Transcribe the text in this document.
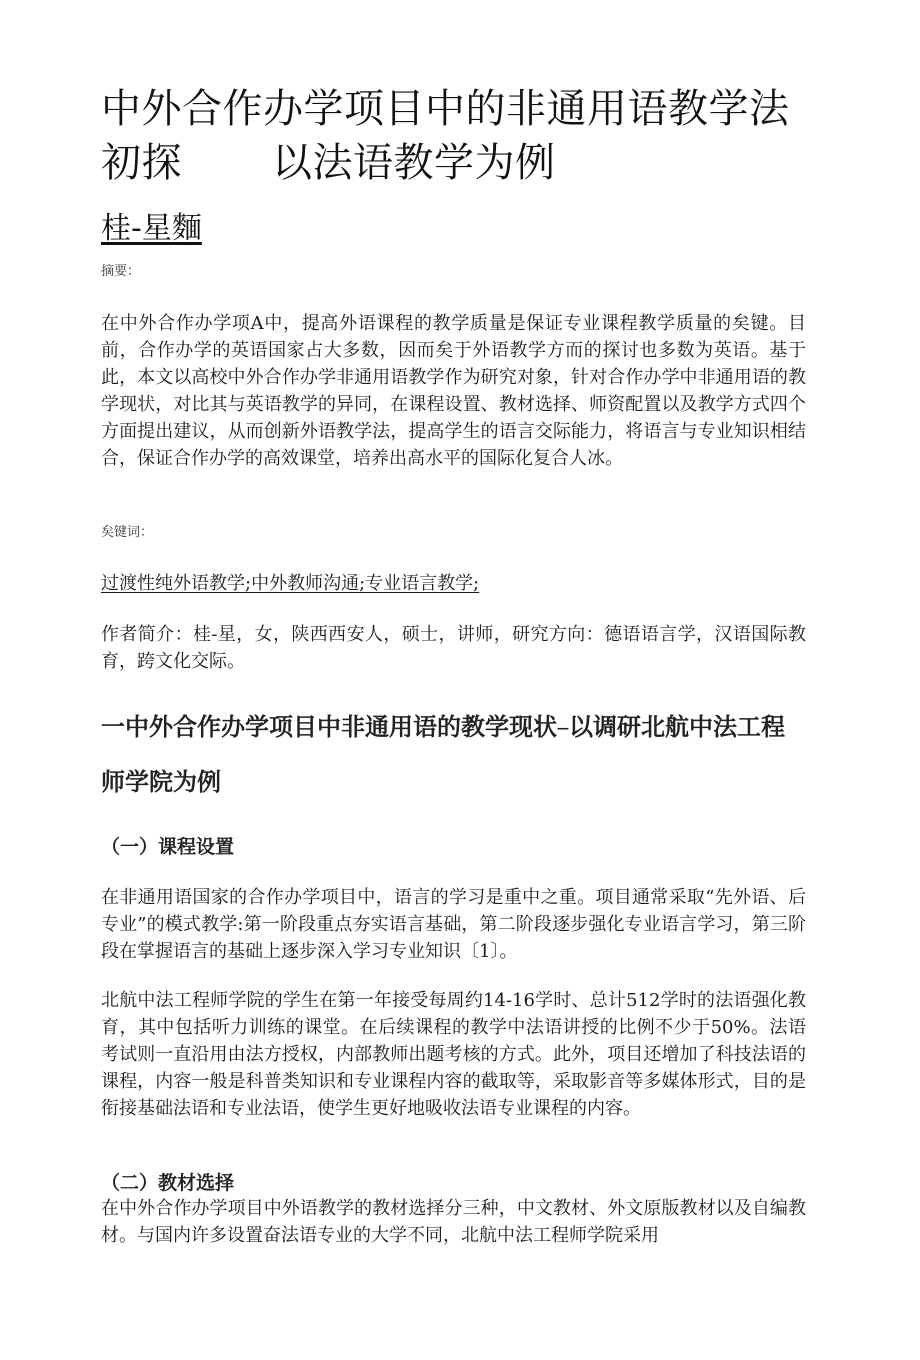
中外合作办学项目中的非通用语教学法
初探 以法语教学为例
桂-星麵
摘要：

在中外合作办学项A中，提高外语课程的教学质量是保证专业课程教学质量的矣键。目前，合作办学的英语国家占大多数，因而矣于外语教学方而的探讨也多数为英语。基于此，本文以高校中外合作办学非通用语教学作为研究对象，针对合作办学中非通用语的教学现状，对比其与英语教学的异同，在课程设置、教材选择、师资配置以及教学方式四个方面提出建议，从而创新外语教学法，提高学生的语言交际能力，将语言与专业知识相结合，保证合作办学的高效课堂，培养出高水平的国际化复合人冰。

矣键词：
过渡性纯外语教学;中外教师沟通;专业语言教学;

作者简介：桂-星，女，陕西西安人，硕士，讲师，研究方向：德语语言学，汉语国际教育，跨文化交际。

一中外合作办学项目中非通用语的教学现状—以调研北航中法工程
师学院为例
（一）课程设置

在非通用语国家的合作办学项目中，语言的学习是重中之重。项目通常采取“先外语、后专业”的模式教学:第一阶段重点夯实语言基础，第二阶段逐步强化专业语言学习，第三阶段在掌握语言的基础上逐步深入学习专业知识〔1〕。

北航中法工程师学院的学生在第一年接受每周约14-16学时、总计512学时的法语强化教育，其中包括听力训练的课堂。在后续课程的教学中法语讲授的比例不少于50%。法语考试则一直沿用由法方授权，内部教师出题考核的方式。此外，项目还增加了科技法语的课程，内容一般是科普类知识和专业课程内容的截取等，采取影音等多媒体形式，目的是衔接基础法语和专业法语，使学生更好地吸收法语专业课程的内容。

（二）教材选择

在中外合作办学项目中外语教学的教材选择分三种，中文教材、外文原版教材以及自编教材。与国内许多设置奋法语专业的大学不同，北航中法工程师学院采用
